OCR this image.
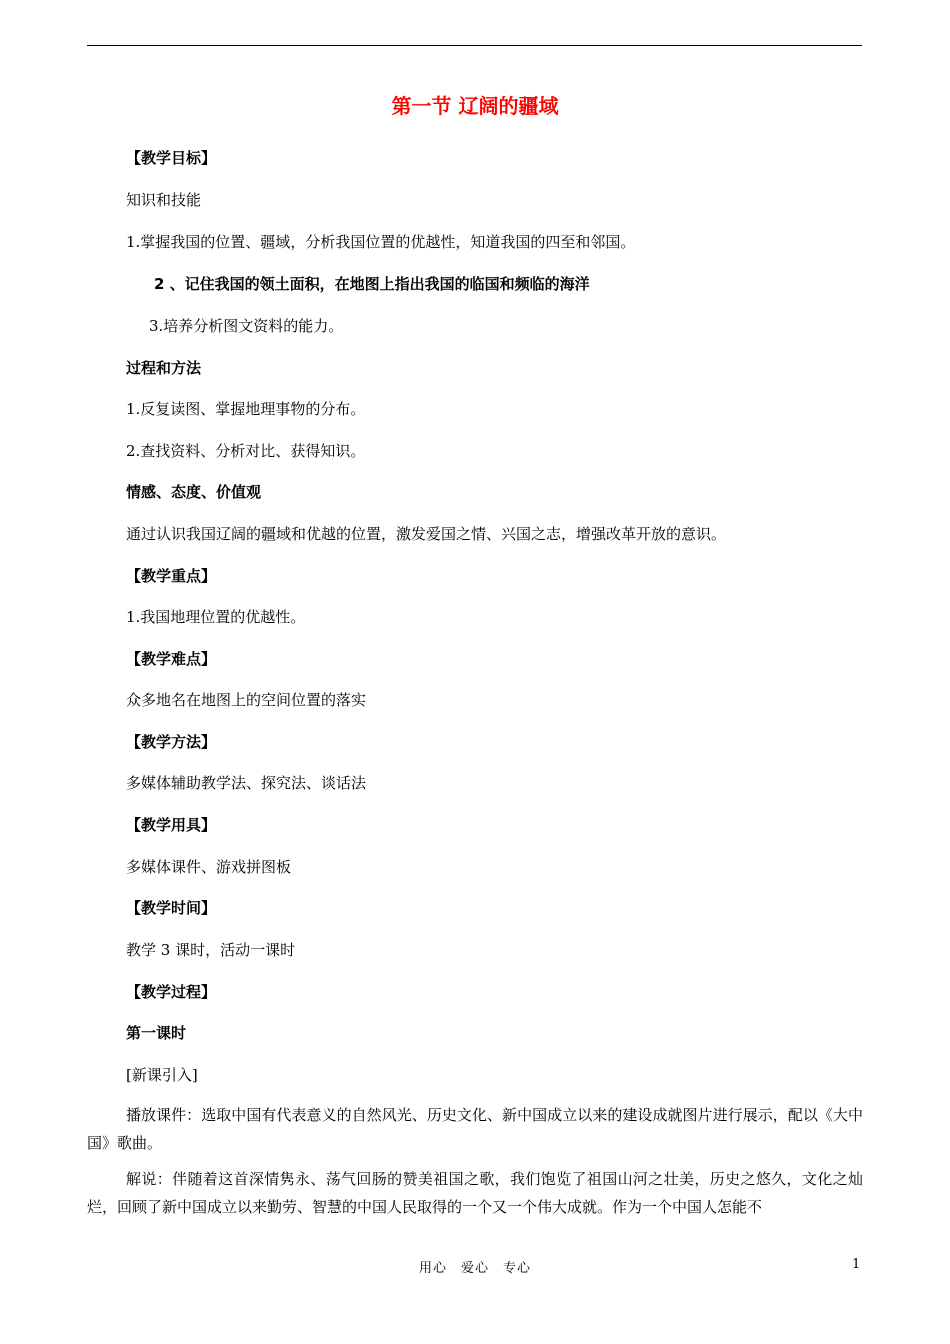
第一节 辽阔的疆域
【教学目标】
知识和技能
1.掌握我国的位置、疆域，分析我国位置的优越性，知道我国的四至和邻国。
2 、记住我国的领土面积，在地图上指出我国的临国和频临的海洋
3.培养分析图文资料的能力。
过程和方法
1.反复读图、掌握地理事物的分布。
2.查找资料、分析对比、获得知识。
情感、态度、价值观
通过认识我国辽阔的疆域和优越的位置，激发爱国之情、兴国之志，增强改革开放的意识。
【教学重点】
1.我国地理位置的优越性。
【教学难点】
众多地名在地图上的空间位置的落实
【教学方法】
多媒体辅助教学法、探究法、谈话法
【教学用具】
多媒体课件、游戏拼图板
【教学时间】
教学 3 课时，活动一课时
【教学过程】
第一课时
[新课引入]
播放课件：选取中国有代表意义的自然风光、历史文化、新中国成立以来的建设成就图片进行展示，配以《大中国》歌曲。
解说：伴随着这首深情隽永、荡气回肠的赞美祖国之歌，我们饱览了祖国山河之壮美，历史之悠久，文化之灿烂，回顾了新中国成立以来勤劳、智慧的中国人民取得的一个又一个伟大成就。作为一个中国人怎能不
用心　爱心　专心	1
